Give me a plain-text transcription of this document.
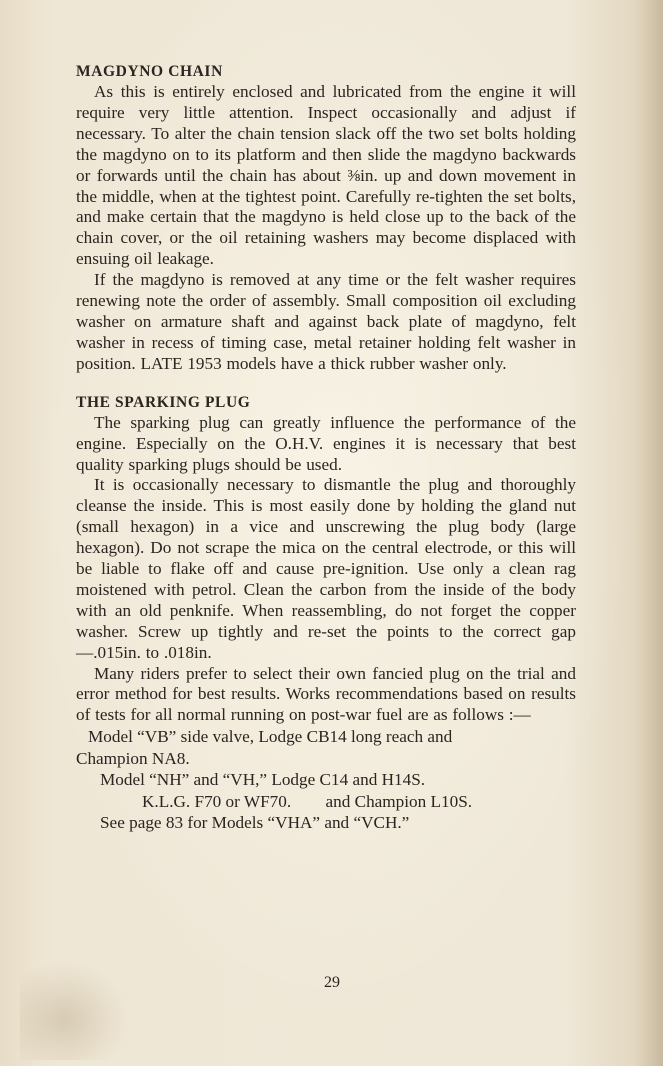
MAGDYNO CHAIN

As this is entirely enclosed and lubricated from the engine it will require very little attention. Inspect occasionally and adjust if necessary. To alter the chain tension slack off the two set bolts holding the magdyno on to its platform and then slide the magdyno backwards or forwards until the chain has about ⅜in. up and down movement in the middle, when at the tightest point. Carefully re-tighten the set bolts, and make certain that the magdyno is held close up to the back of the chain cover, or the oil retaining washers may become displaced with ensuing oil leakage.

If the magdyno is removed at any time or the felt washer requires renewing note the order of assembly. Small composition oil excluding washer on armature shaft and against back plate of magdyno, felt washer in recess of timing case, metal retainer holding felt washer in position. LATE 1953 models have a thick rubber washer only.

THE SPARKING PLUG

The sparking plug can greatly influence the performance of the engine. Especially on the O.H.V. engines it is necessary that best quality sparking plugs should be used.

It is occasionally necessary to dismantle the plug and thoroughly cleanse the inside. This is most easily done by holding the gland nut (small hexagon) in a vice and unscrewing the plug body (large hexagon). Do not scrape the mica on the central electrode, or this will be liable to flake off and cause pre-ignition. Use only a clean rag moistened with petrol. Clean the carbon from the inside of the body with an old penknife. When reassembling, do not forget the copper washer. Screw up tightly and re-set the points to the correct gap—.015in. to .018in.

Many riders prefer to select their own fancied plug on the trial and error method for best results. Works recommendations based on results of tests for all normal running on post-war fuel are as follows :—

Model “VB” side valve, Lodge CB14 long reach and

Champion NA8.

Model “NH” and “VH,” Lodge C14 and H14S.

K.L.G. F70 or WF70.        and Champion L10S.

See page 83 for Models “VHA” and “VCH.”

29
